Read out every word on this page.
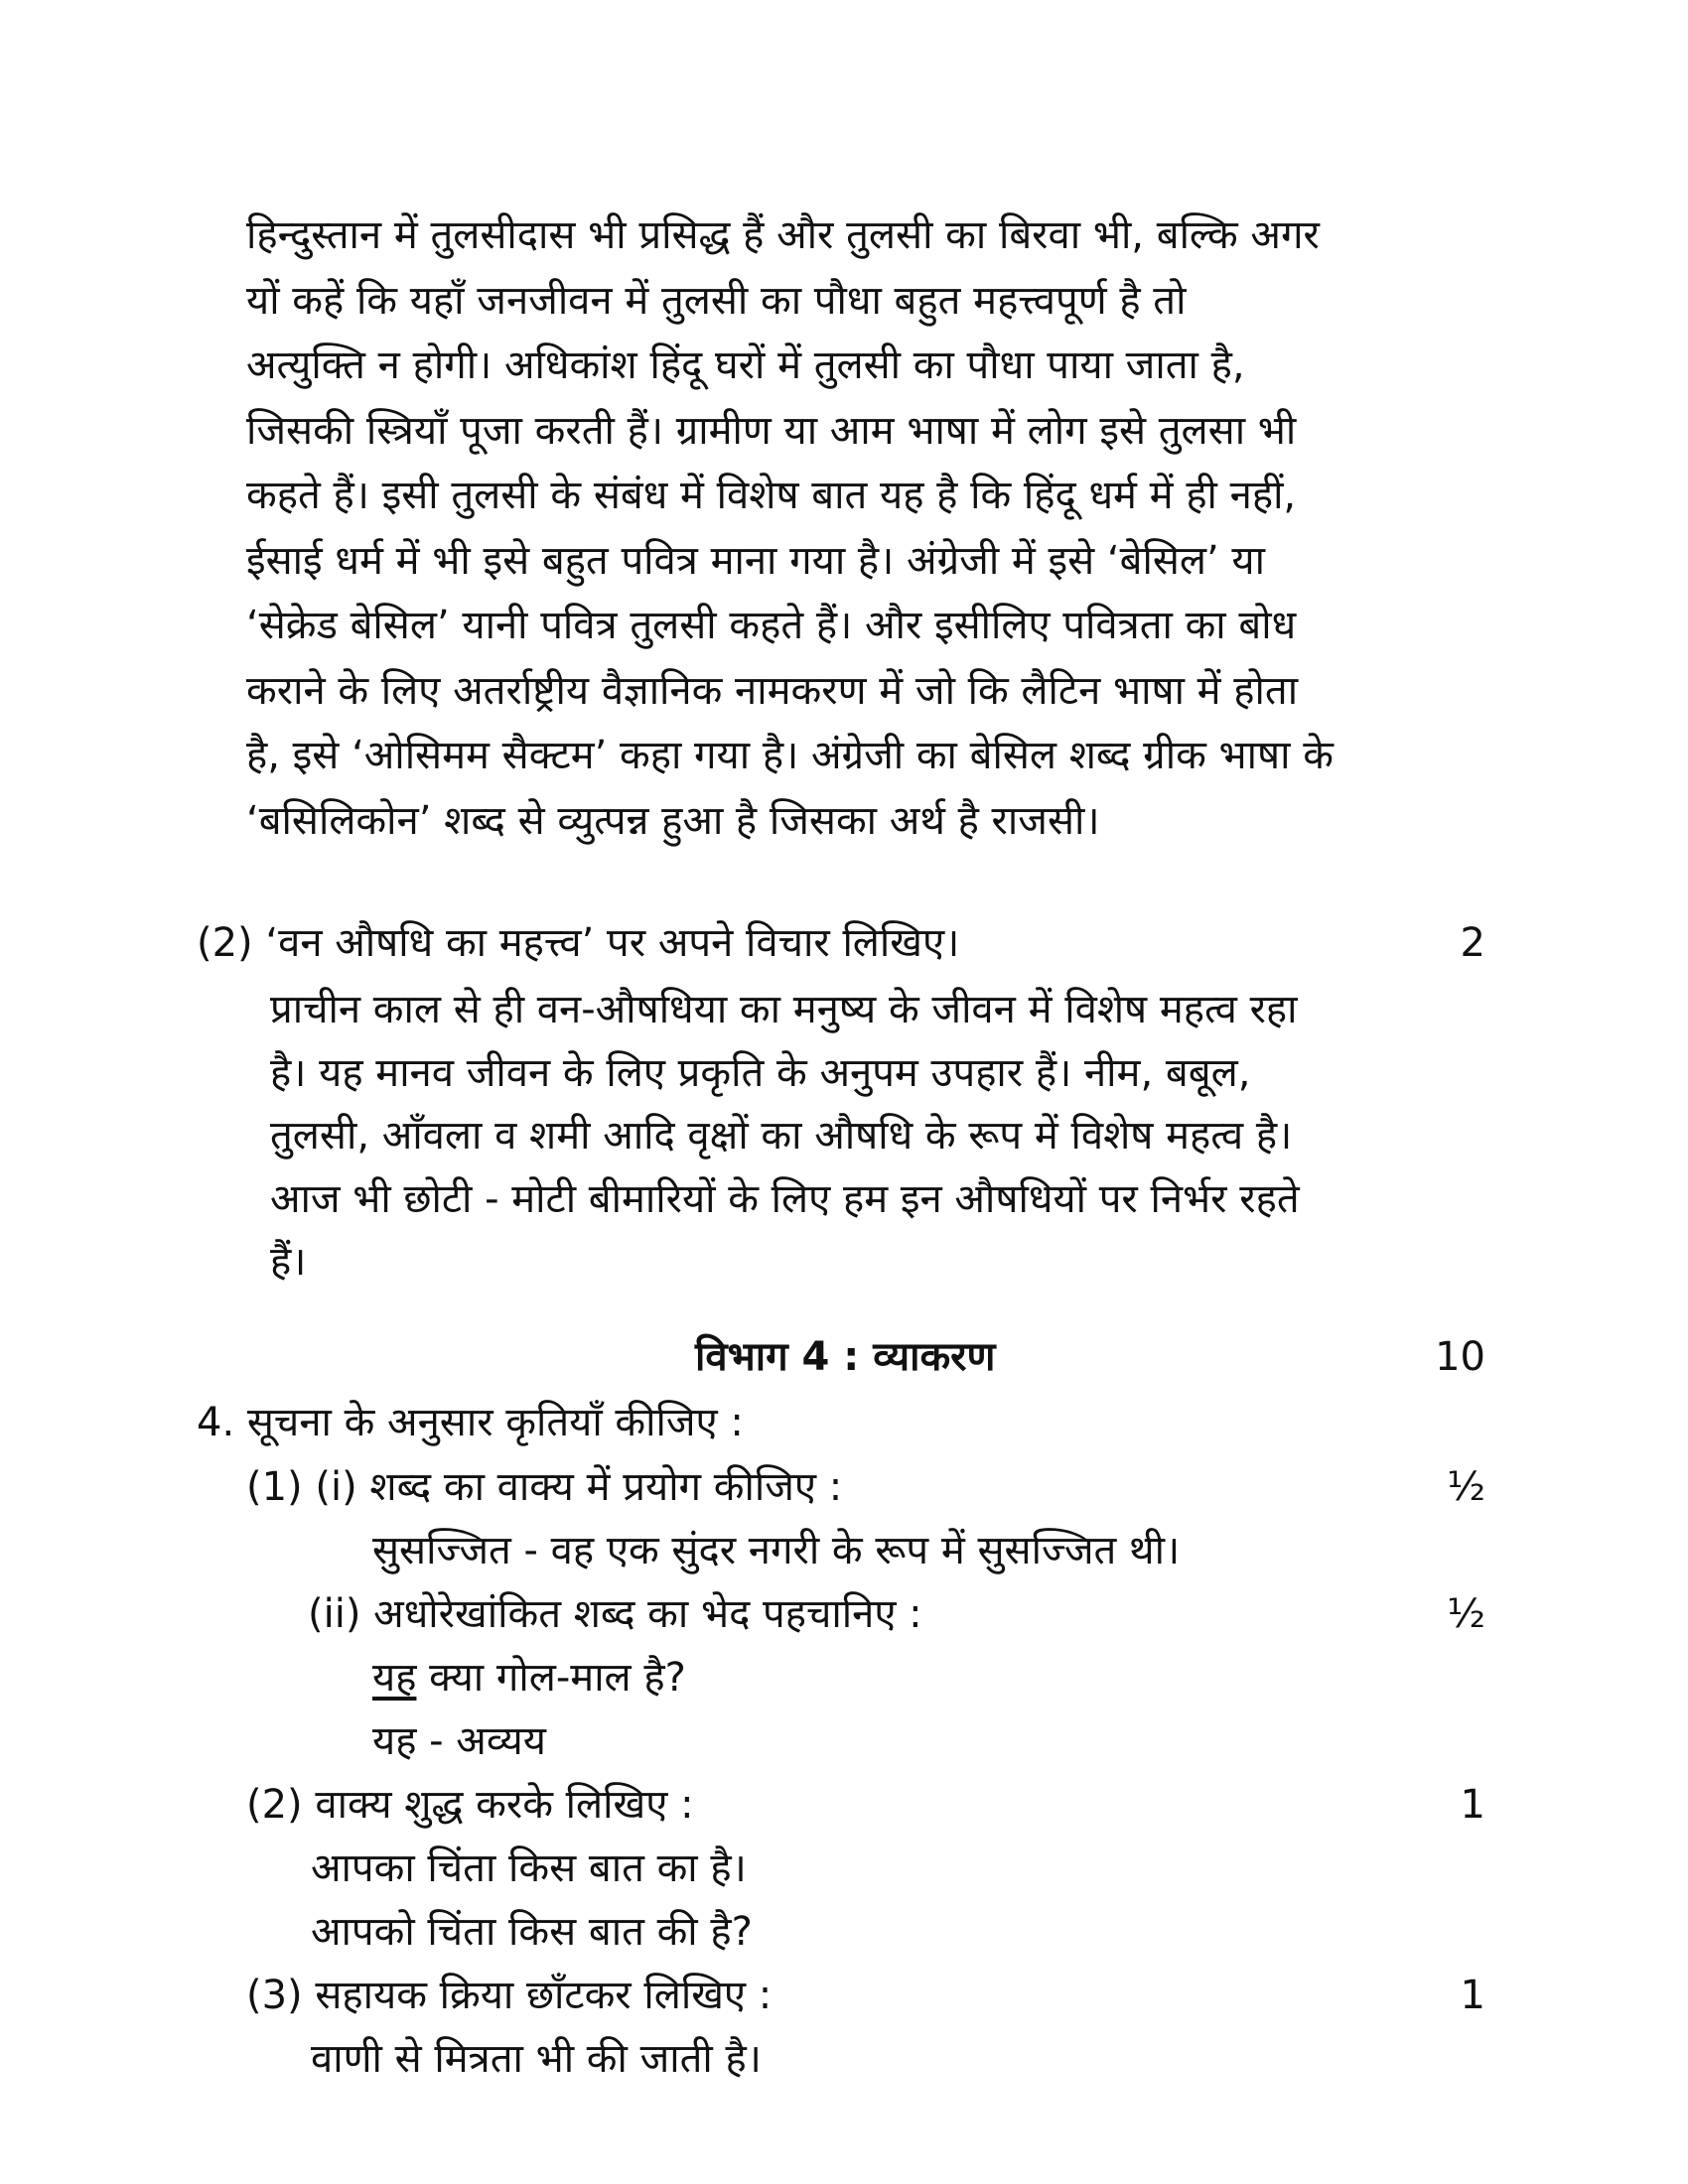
हिन्दुस्तान में तुलसीदास भी प्रसिद्ध हैं और तुलसी का बिरवा भी, बल्कि अगर
यों कहें कि यहाँ जनजीवन में तुलसी का पौधा बहुत महत्त्वपूर्ण है तो
अत्युक्ति न होगी। अधिकांश हिंदू घरों में तुलसी का पौधा पाया जाता है,
जिसकी स्त्रियाँ पूजा करती हैं। ग्रामीण या आम भाषा में लोग इसे तुलसा भी
कहते हैं। इसी तुलसी के संबंध में विशेष बात यह है कि हिंदू धर्म में ही नहीं,
ईसाई धर्म में भी इसे बहुत पवित्र माना गया है। अंग्रेजी में इसे ‘बेसिल’ या
‘सेक्रेड बेसिल’ यानी पवित्र तुलसी कहते हैं। और इसीलिए पवित्रता का बोध
कराने के लिए अतर्राष्ट्रीय वैज्ञानिक नामकरण में जो कि लैटिन भाषा में होता
है, इसे ‘ओसिमम सैक्टम’ कहा गया है। अंग्रेजी का बेसिल शब्द ग्रीक भाषा के
‘बसिलिकोन’ शब्द से व्युत्पन्न हुआ है जिसका अर्थ है राजसी।
(2) ‘वन औषधि का महत्त्व’ पर अपने विचार लिखिए।	2
प्राचीन काल से ही वन-औषधिया का मनुष्य के जीवन में विशेष महत्व रहा
है। यह मानव जीवन के लिए प्रकृति के अनुपम उपहार हैं। नीम, बबूल,
तुलसी, आँवला व शमी आदि वृक्षों का औषधि के रूप में विशेष महत्व है।
आज भी छोटी - मोटी बीमारियों के लिए हम इन औषधियों पर निर्भर रहते
हैं।
विभाग 4 : व्याकरण	10
4. सूचना के अनुसार कृतियाँ कीजिए :
(1) (i) शब्द का वाक्य में प्रयोग कीजिए :	½
सुसज्जित - वह एक सुंदर नगरी के रूप में सुसज्जित थी।
(ii) अधोरेखांकित शब्द का भेद पहचानिए :	½
यह क्या गोल-माल है?
यह - अव्यय
(2) वाक्य शुद्ध करके लिखिए :	1
आपका चिंता किस बात का है।
आपको चिंता किस बात की है?
(3) सहायक क्रिया छाँटकर लिखिए :	1
वाणी से मित्रता भी की जाती है।
